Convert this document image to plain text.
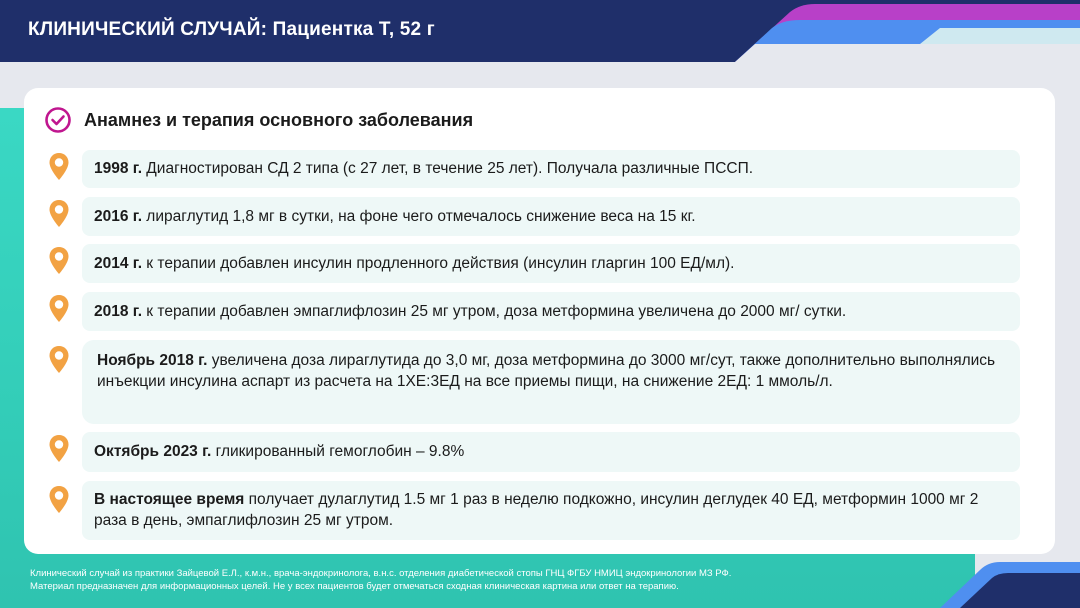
КЛИНИЧЕСКИЙ СЛУЧАЙ: Пациентка Т, 52 г
Анамнез и терапия основного заболевания
1998 г. Диагностирован СД 2 типа (с 27 лет, в течение 25 лет). Получала различные ПССП.
2016 г. лираглутид 1,8 мг в сутки, на фоне чего отмечалось снижение веса на 15 кг.
2014 г. к терапии добавлен инсулин продленного действия (инсулин гларгин 100 ЕД/мл).
2018 г. к терапии добавлен эмпаглифлозин 25 мг утром, доза метформина увеличена до 2000 мг/ сутки.
Ноябрь 2018 г. увеличена доза лираглутида до 3,0 мг, доза метформина до 3000 мг/сут, также дополнительно выполнялись инъекции инсулина аспарт из расчета на 1ХЕ:3ЕД на все приемы пищи, на снижение 2ЕД: 1 ммоль/л.
Октябрь 2023 г. гликированный гемоглобин – 9.8%
В настоящее время получает дулаглутид 1.5 мг 1 раз в неделю подкожно, инсулин деглудек 40 ЕД, метформин 1000 мг 2 раза в день, эмпаглифлозин 25 мг утром.
Клинический случай из практики Зайцевой Е.Л., к.м.н., врача-эндокринолога, в.н.с. отделения диабетической стопы ГНЦ ФГБУ НМИЦ эндокринологии МЗ РФ.
Материал предназначен для информационных целей. Не у всех пациентов будет отмечаться сходная клиническая картина или ответ на терапию.
